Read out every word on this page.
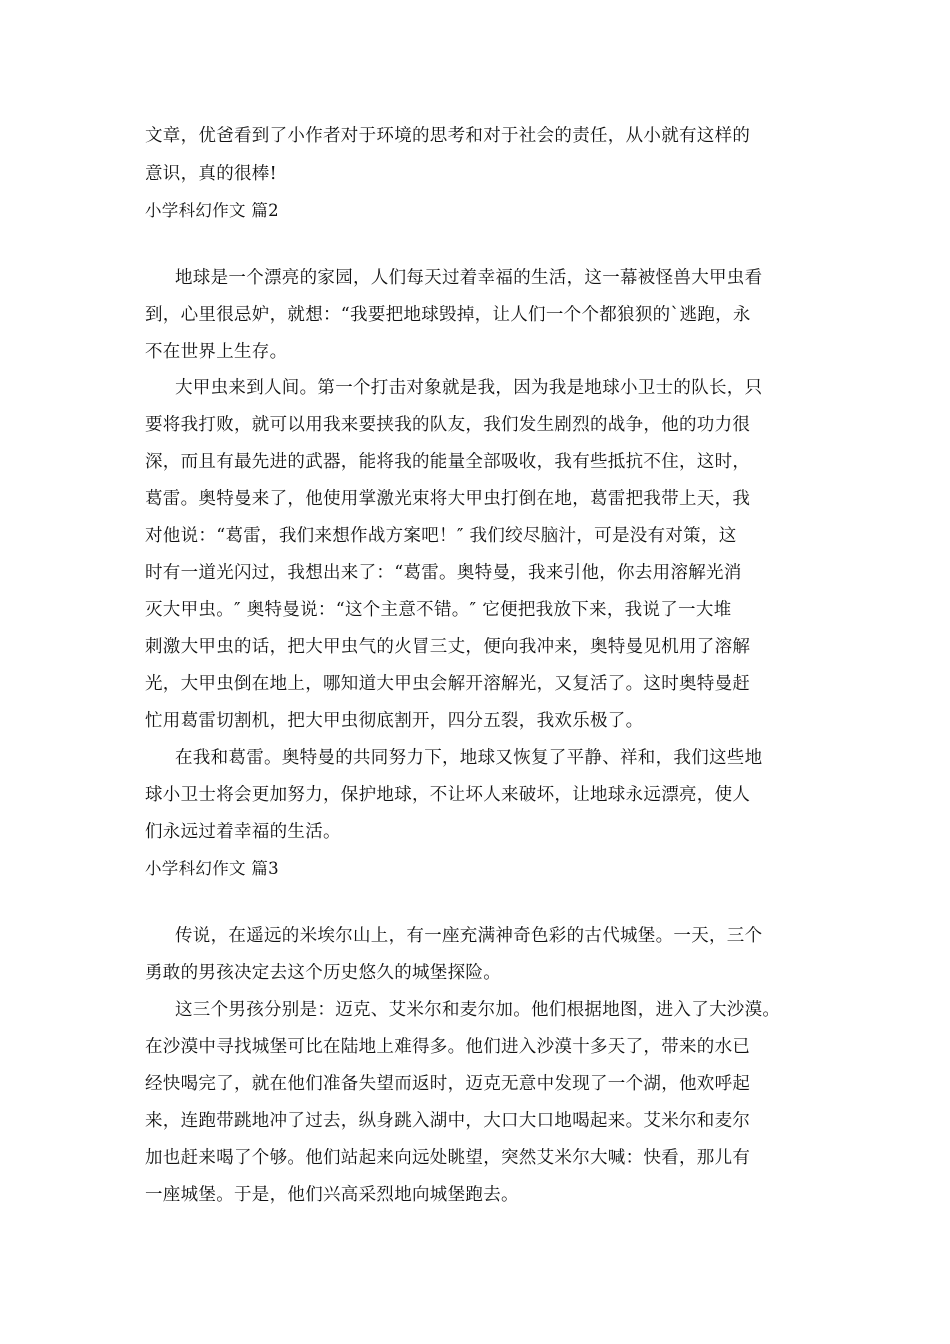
文章，优爸看到了小作者对于环境的思考和对于社会的责任，从小就有这样的
意识，真的很棒!
小学科幻作文 篇2
地球是一个漂亮的家园，人们每天过着幸福的生活，这一幕被怪兽大甲虫看
到，心里很忌妒，就想：“我要把地球毁掉，让人们一个个都狼狈的`逃跑，永
不在世界上生存。
大甲虫来到人间。第一个打击对象就是我，因为我是地球小卫士的队长，只
要将我打败，就可以用我来要挟我的队友，我们发生剧烈的战争，他的功力很
深，而且有最先进的武器，能将我的能量全部吸收，我有些抵抗不住，这时，
葛雷。奥特曼来了，他使用掌激光束将大甲虫打倒在地，葛雷把我带上天，我
对他说：“葛雷，我们来想作战方案吧！″ 我们绞尽脑汁，可是没有对策，这
时有一道光闪过，我想出来了：“葛雷。奥特曼，我来引他，你去用溶解光消
灭大甲虫。″ 奥特曼说：“这个主意不错。″ 它便把我放下来，我说了一大堆
刺激大甲虫的话，把大甲虫气的火冒三丈，便向我冲来，奥特曼见机用了溶解
光，大甲虫倒在地上，哪知道大甲虫会解开溶解光，又复活了。这时奥特曼赶
忙用葛雷切割机，把大甲虫彻底割开，四分五裂，我欢乐极了。
在我和葛雷。奥特曼的共同努力下，地球又恢复了平静、祥和，我们这些地
球小卫士将会更加努力，保护地球，不让坏人来破坏，让地球永远漂亮，使人
们永远过着幸福的生活。
小学科幻作文 篇3
传说，在遥远的米埃尔山上，有一座充满神奇色彩的古代城堡。一天，三个
勇敢的男孩决定去这个历史悠久的城堡探险。
这三个男孩分别是：迈克、艾米尔和麦尔加。他们根据地图，进入了大沙漠。
在沙漠中寻找城堡可比在陆地上难得多。他们进入沙漠十多天了，带来的水已
经快喝完了，就在他们准备失望而返时，迈克无意中发现了一个湖，他欢呼起
来，连跑带跳地冲了过去，纵身跳入湖中，大口大口地喝起来。艾米尔和麦尔
加也赶来喝了个够。他们站起来向远处眺望，突然艾米尔大喊：快看，那儿有
一座城堡。于是，他们兴高采烈地向城堡跑去。
